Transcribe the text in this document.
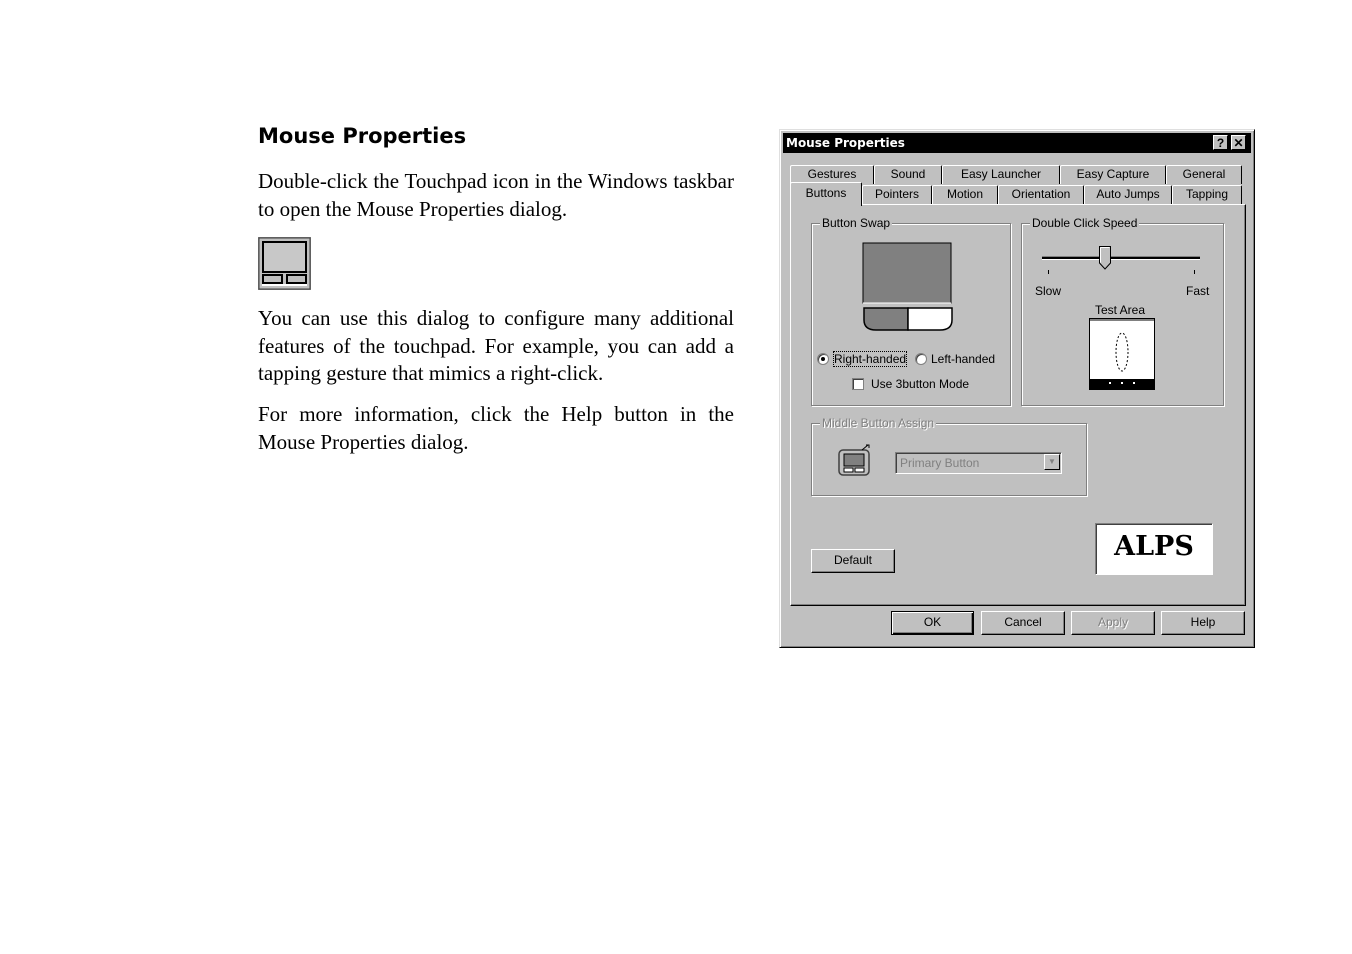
Mouse Properties

Double-click the Touchpad icon in the Windows taskbar to open the Mouse Properties dialog.

You can use this dialog to configure many additional features of the touchpad. For example, you can add a tapping gesture that mimics a right-click.

For more information, click the Help button in the Mouse Properties dialog.

Mouse Properties	? ✕
Gestures	Sound	Easy Launcher	Easy Capture	General
Buttons	Pointers	Motion	Orientation	Auto Jumps	Tapping
Button Swap
Right-handed Left-handed
Use 3button Mode
Double Click Speed
Slow	Fast
Test Area
Middle Button Assign
Primary Button	▼
Default	ALPS
OK	Cancel	Apply	Help
